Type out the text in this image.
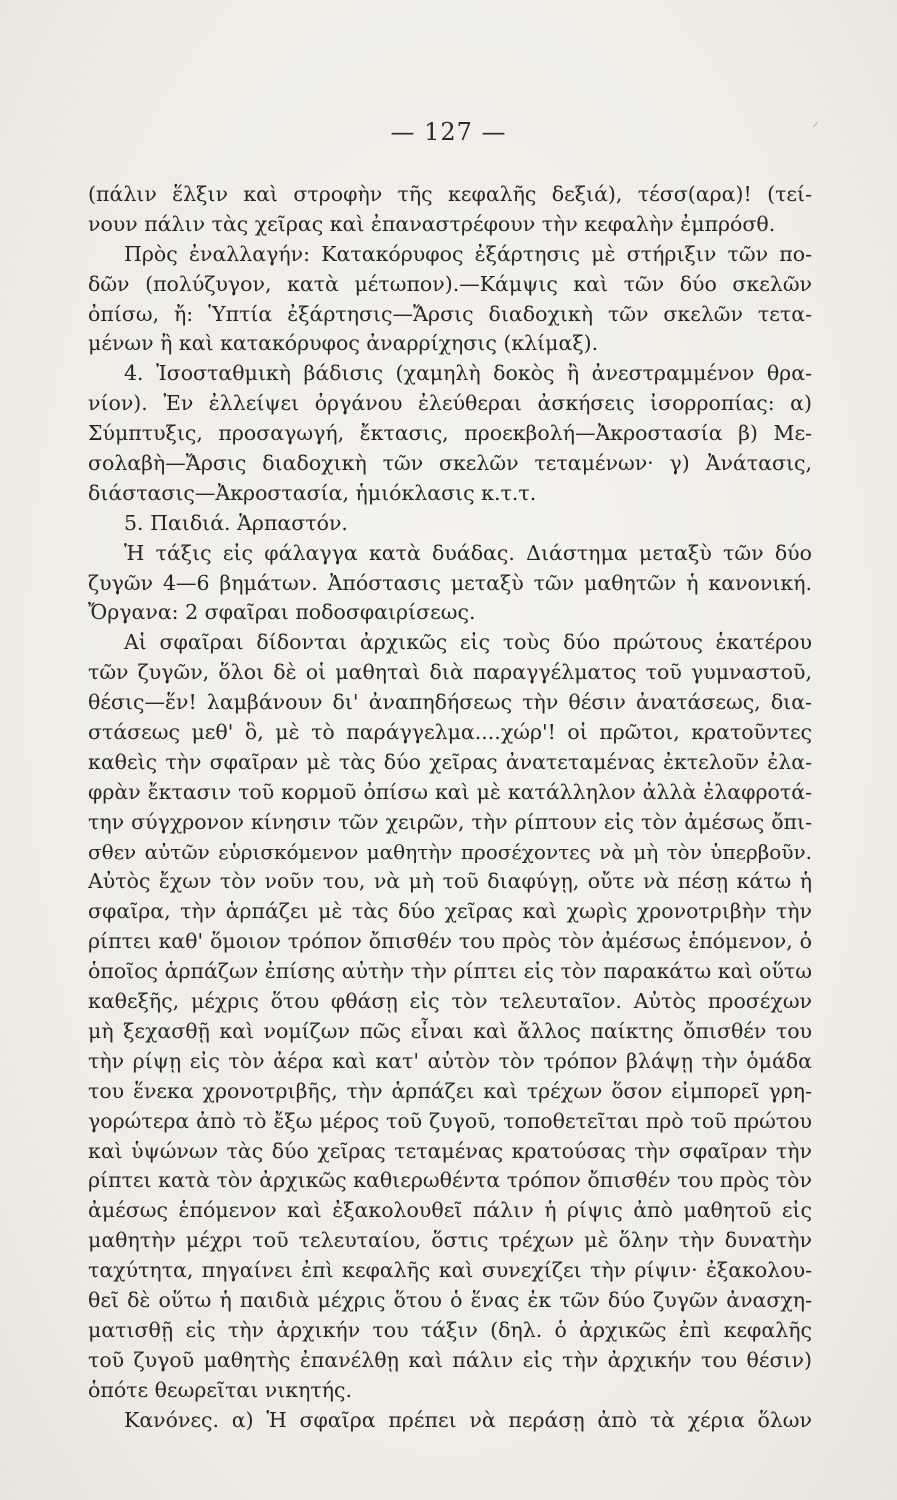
— 127 —	⸍
(πάλιν ἕλξιν καὶ στροφὴν τῆς κεφαλῆς δεξιά), τέσσ(αρα)! (τεί-
νουν πάλιν τὰς χεῖρας καὶ ἐπαναστρέφουν τὴν κεφαλὴν ἐμπρόσθ.
Πρὸς ἐναλλαγήν: Κατακόρυφος ἐξάρτησις μὲ στήριξιν τῶν πο-
δῶν (πολύζυγον, κατὰ μέτωπον).—Κάμψις καὶ τῶν δύο σκελῶν
ὀπίσω, ἤ: Ὑπτία ἐξάρτησις—Ἄρσις διαδοχικὴ τῶν σκελῶν τετα-
μένων ἢ καὶ κατακόρυφος ἀναρρίχησις (κλίμαξ).
4. Ἰσοσταθμικὴ βάδισις (χαμηλὴ δοκὸς ἢ ἀνεστραμμένον θρα-
νίον). Ἐν ἐλλείψει ὀργάνου ἐλεύθεραι ἀσκήσεις ἰσορροπίας: α)
Σύμπτυξις, προσαγωγή, ἔκτασις, προεκβολή—Ἀκροστασία β) Με-
σολαβὴ—Ἄρσις διαδοχικὴ τῶν σκελῶν τεταμένων· γ) Ἀνάτασις,
διάστασις—Ἀκροστασία, ἡμιόκλασις κ.τ.τ.
5. Παιδιά. Ἁρπαστόν.
Ἡ τάξις εἰς φάλαγγα κατὰ δυάδας. Διάστημα μεταξὺ τῶν δύο
ζυγῶν 4—6 βημάτων. Ἀπόστασις μεταξὺ τῶν μαθητῶν ἡ κανονική.
Ὄργανα: 2 σφαῖραι ποδοσφαιρίσεως.
Αἱ σφαῖραι δίδονται ἀρχικῶς εἰς τοὺς δύο πρώτους ἑκατέρου
τῶν ζυγῶν, ὅλοι δὲ οἱ μαθηταὶ διὰ παραγγέλματος τοῦ γυμναστοῦ,
θέσις—ἕν! λαμβάνουν δι' ἀναπηδήσεως τὴν θέσιν ἀνατάσεως, δια-
στάσεως μεθ' ὃ, μὲ τὸ παράγγελμα....χώρ'! οἱ πρῶτοι, κρατοῦντες
καθεὶς τὴν σφαῖραν μὲ τὰς δύο χεῖρας ἀνατεταμένας ἐκτελοῦν ἐλα-
φρὰν ἔκτασιν τοῦ κορμοῦ ὀπίσω καὶ μὲ κατάλληλον ἀλλὰ ἐλαφροτά-
την σύγχρονον κίνησιν τῶν χειρῶν, τὴν ρίπτουν εἰς τὸν ἀμέσως ὄπι-
σθεν αὐτῶν εὑρισκόμενον μαθητὴν προσέχοντες νὰ μὴ τὸν ὑπερβοῦν.
Αὐτὸς ἔχων τὸν νοῦν του, νὰ μὴ τοῦ διαφύγῃ, οὔτε νὰ πέσῃ κάτω ἡ
σφαῖρα, τὴν ἁρπάζει μὲ τὰς δύο χεῖρας καὶ χωρὶς χρονοτριβὴν τὴν
ρίπτει καθ' ὅμοιον τρόπον ὄπισθέν του πρὸς τὸν ἀμέσως ἑπόμενον, ὁ
ὁποῖος ἁρπάζων ἐπίσης αὐτὴν τὴν ρίπτει εἰς τὸν παρακάτω καὶ οὕτω
καθεξῆς, μέχρις ὅτου φθάσῃ εἰς τὸν τελευταῖον. Αὐτὸς προσέχων
μὴ ξεχασθῇ καὶ νομίζων πῶς εἶναι καὶ ἄλλος παίκτης ὄπισθέν του
τὴν ρίψῃ εἰς τὸν ἀέρα καὶ κατ' αὐτὸν τὸν τρόπον βλάψῃ τὴν ὁμάδα
του ἕνεκα χρονοτριβῆς, τὴν ἁρπάζει καὶ τρέχων ὅσον εἰμπορεῖ γρη-
γορώτερα ἀπὸ τὸ ἔξω μέρος τοῦ ζυγοῦ, τοποθετεῖται πρὸ τοῦ πρώτου
καὶ ὑψώνων τὰς δύο χεῖρας τεταμένας κρατούσας τὴν σφαῖραν τὴν
ρίπτει κατὰ τὸν ἀρχικῶς καθιερωθέντα τρόπον ὄπισθέν του πρὸς τὸν
ἀμέσως ἑπόμενον καὶ ἐξακολουθεῖ πάλιν ἡ ρίψις ἀπὸ μαθητοῦ εἰς
μαθητὴν μέχρι τοῦ τελευταίου, ὅστις τρέχων μὲ ὅλην τὴν δυνατὴν
ταχύτητα, πηγαίνει ἐπὶ κεφαλῆς καὶ συνεχίζει τὴν ρίψιν· ἐξακολου-
θεῖ δὲ οὕτω ἡ παιδιὰ μέχρις ὅτου ὁ ἕνας ἐκ τῶν δύο ζυγῶν ἀνασχη-
ματισθῇ εἰς τὴν ἀρχικήν του τάξιν (δηλ. ὁ ἀρχικῶς ἐπὶ κεφαλῆς
τοῦ ζυγοῦ μαθητὴς ἐπανέλθῃ καὶ πάλιν εἰς τὴν ἀρχικήν του θέσιν)
ὁπότε θεωρεῖται νικητής.
Κανόνες. α) Ἡ σφαῖρα πρέπει νὰ περάσῃ ἀπὸ τὰ χέρια ὅλων
